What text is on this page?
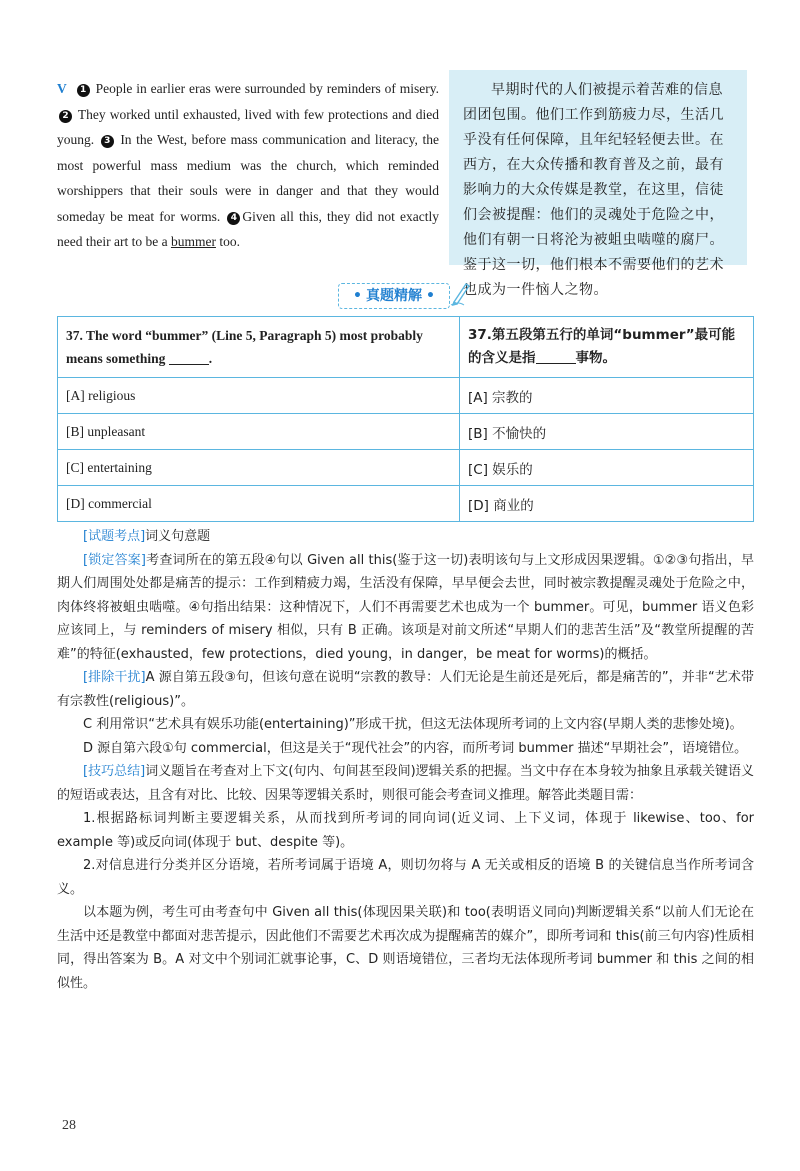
V 1 People in earlier eras were surrounded by reminders of misery. 2 They worked until exhausted, lived with few protections and died young. 3 In the West, before mass communication and literacy, the most powerful mass medium was the church, which reminded worshippers that their souls were in danger and that they would someday be meat for worms. 4 Given all this, they did not exactly need their art to be a bummer too.
早期时代的人们被提示着苦难的信息团团包围。他们工作到筋疲力尽，生活几乎没有任何保障，且年纪轻轻便去世。在西方，在大众传播和教育普及之前，最有影响力的大众传媒是教堂，在这里，信徒们会被提醒：他们的灵魂处于危险之中，他们有朝一日将沦为被蛆虫啮噬的腐尸。鉴于这一切，他们根本不需要他们的艺术也成为一件恼人之物。
• 真题精解 •
37. The word “bummer” (Line 5, Paragraph 5) most probably means something .	37.第五段第五行的单词“bummer”最可能的含义是指 事物。
[A] religious	[A] 宗教的
[B] unpleasant	[B] 不愉快的
[C] entertaining	[C] 娱乐的
[D] commercial	[D] 商业的

[试题考点]词义句意题

[锁定答案]考查词所在的第五段④句以 Given all this(鉴于这一切)表明该句与上文形成因果逻辑。①②③句指出，早期人们周围处处都是痛苦的提示：工作到精疲力竭，生活没有保障，早早便会去世，同时被宗教提醒灵魂处于危险之中，肉体终将被蛆虫啮噬。④句指出结果：这种情况下，人们不再需要艺术也成为一个 bummer。可见，bummer 语义色彩应该同上，与 reminders of misery 相似，只有 B 正确。该项是对前文所述“早期人们的悲苦生活”及“教堂所提醒的苦难”的特征(exhausted，few protections，died young，in danger，be meat for worms)的概括。

[排除干扰]A 源自第五段③句，但该句意在说明“宗教的教导：人们无论是生前还是死后，都是痛苦的”，并非“艺术带有宗教性(religious)”。

C 利用常识“艺术具有娱乐功能(entertaining)”形成干扰，但这无法体现所考词的上文内容(早期人类的悲惨处境)。

D 源自第六段①句 commercial，但这是关于“现代社会”的内容，而所考词 bummer 描述“早期社会”，语境错位。

[技巧总结]词义题旨在考查对上下文(句内、句间甚至段间)逻辑关系的把握。当文中存在本身较为抽象且承载关键语义的短语或表达，且含有对比、比较、因果等逻辑关系时，则很可能会考查词义推理。解答此类题目需：

1.根据路标词判断主要逻辑关系，从而找到所考词的同向词(近义词、上下义词，体现于 likewise、too、for example 等)或反向词(体现于 but、despite 等)。

2.对信息进行分类并区分语境，若所考词属于语境 A，则切勿将与 A 无关或相反的语境 B 的关键信息当作所考词含义。

以本题为例，考生可由考查句中 Given all this(体现因果关联)和 too(表明语义同向)判断逻辑关系“以前人们无论在生活中还是教堂中都面对悲苦提示，因此他们不需要艺术再次成为提醒痛苦的媒介”，即所考词和 this(前三句内容)性质相同，得出答案为 B。A 对文中个别词汇就事论事，C、D 则语境错位，三者均无法体现所考词 bummer 和 this 之间的相似性。

28
